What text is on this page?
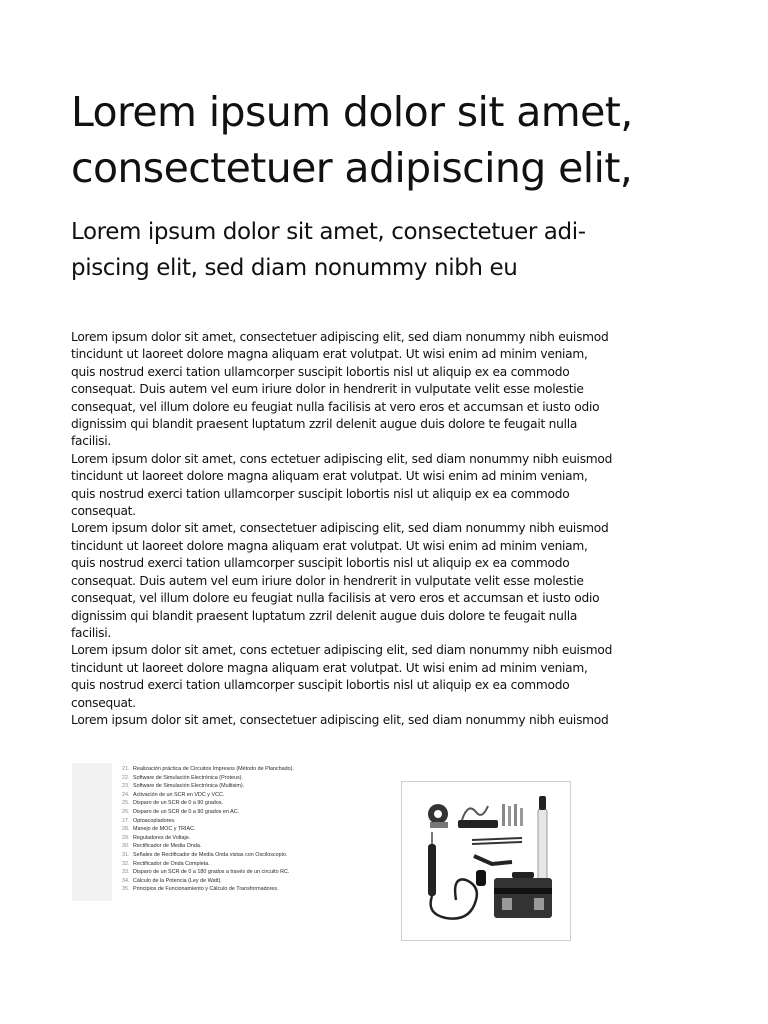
Lorem ipsum dolor sit amet,
consectetuer adipiscing elit,
Lorem ipsum dolor sit amet, consectetuer adi-
piscing elit, sed diam nonummy nibh eu
Lorem ipsum dolor sit amet, consectetuer adipiscing elit, sed diam nonummy nibh euismod
tincidunt ut laoreet dolore magna aliquam erat volutpat. Ut wisi enim ad minim veniam,
quis nostrud exerci tation ullamcorper suscipit lobortis nisl ut aliquip ex ea commodo
consequat. Duis autem vel eum iriure dolor in hendrerit in vulputate velit esse molestie
consequat, vel illum dolore eu feugiat nulla facilisis at vero eros et accumsan et iusto odio
dignissim qui blandit praesent luptatum zzril delenit augue duis dolore te feugait nulla
facilisi.
Lorem ipsum dolor sit amet, cons ectetuer adipiscing elit, sed diam nonummy nibh euismod
tincidunt ut laoreet dolore magna aliquam erat volutpat. Ut wisi enim ad minim veniam,
quis nostrud exerci tation ullamcorper suscipit lobortis nisl ut aliquip ex ea commodo
consequat.
Lorem ipsum dolor sit amet, consectetuer adipiscing elit, sed diam nonummy nibh euismod
tincidunt ut laoreet dolore magna aliquam erat volutpat. Ut wisi enim ad minim veniam,
quis nostrud exerci tation ullamcorper suscipit lobortis nisl ut aliquip ex ea commodo
consequat. Duis autem vel eum iriure dolor in hendrerit in vulputate velit esse molestie
consequat, vel illum dolore eu feugiat nulla facilisis at vero eros et accumsan et iusto odio
dignissim qui blandit praesent luptatum zzril delenit augue duis dolore te feugait nulla
facilisi.
Lorem ipsum dolor sit amet, cons ectetuer adipiscing elit, sed diam nonummy nibh euismod
tincidunt ut laoreet dolore magna aliquam erat volutpat. Ut wisi enim ad minim veniam,
quis nostrud exerci tation ullamcorper suscipit lobortis nisl ut aliquip ex ea commodo
consequat.
Lorem ipsum dolor sit amet, consectetuer adipiscing elit, sed diam nonummy nibh euismod
21. Realización práctica de Circuitos Impresos (Método de Planchado).
22. Software de Simulación Electrónica (Proteus).
23. Software de Simulación Electrónica (Multisim).
24. Activación de un SCR en VDC y VCC.
25. Disparo de un SCR de 0 a 90 grados.
26. Disparo de un SCR de 0 a 90 grados en AC.
27. Optoacopladores.
28. Manejo de MOC y TRIAC.
29. Reguladores de Voltaje.
30. Rectificador de Media Onda.
31. Señales de Rectificador de Media Onda vistas con Osciloscopio.
32. Rectificador de Onda Completa.
33. Disparo de un SCR de 0 a 180 grados a través de un circuito RC.
34. Cálculo de la Potencia (Ley de Watt).
35. Principios de Funcionamiento y Cálculo de Transformadores.
